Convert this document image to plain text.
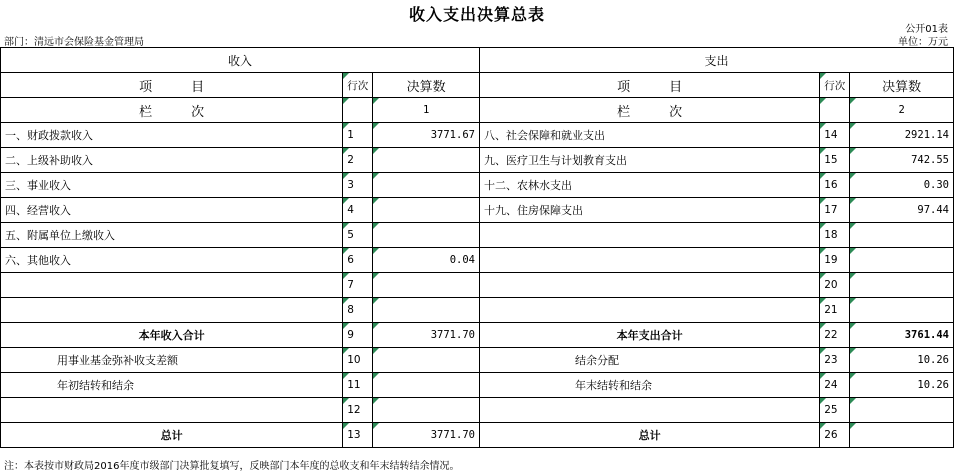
收入支出决算总表
公开01表
部门：清远市会保险基金管理局	单位：万元
收入			支出		
项　　　目	行次	决算数	项　　　目	行次	决算数
栏　　　次		1	栏　　　次		2
一、财政拨款收入	1	3771.67	八、社会保障和就业支出	14	2921.14
二、上级补助收入	2		九、医疗卫生与计划教育支出	15	742.55
三、事业收入	3		十二、农林水支出	16	0.30
四、经营收入	4		十九、住房保障支出	17	97.44
五、附属单位上缴收入	5			18	
六、其他收入	6	0.04		19	
	7			20	
	8			21	
本年收入合计	9	3771.70	本年支出合计	22	3761.44
用事业基金弥补收支差额	10		结余分配	23	10.26
年初结转和结余	11		年末结转和结余	24	10.26
	12			25	
总计	13	3771.70	总计	26	
注：本表按市财政局2016年度市级部门决算批复填写，反映部门本年度的总收支和年末结转结余情况。
